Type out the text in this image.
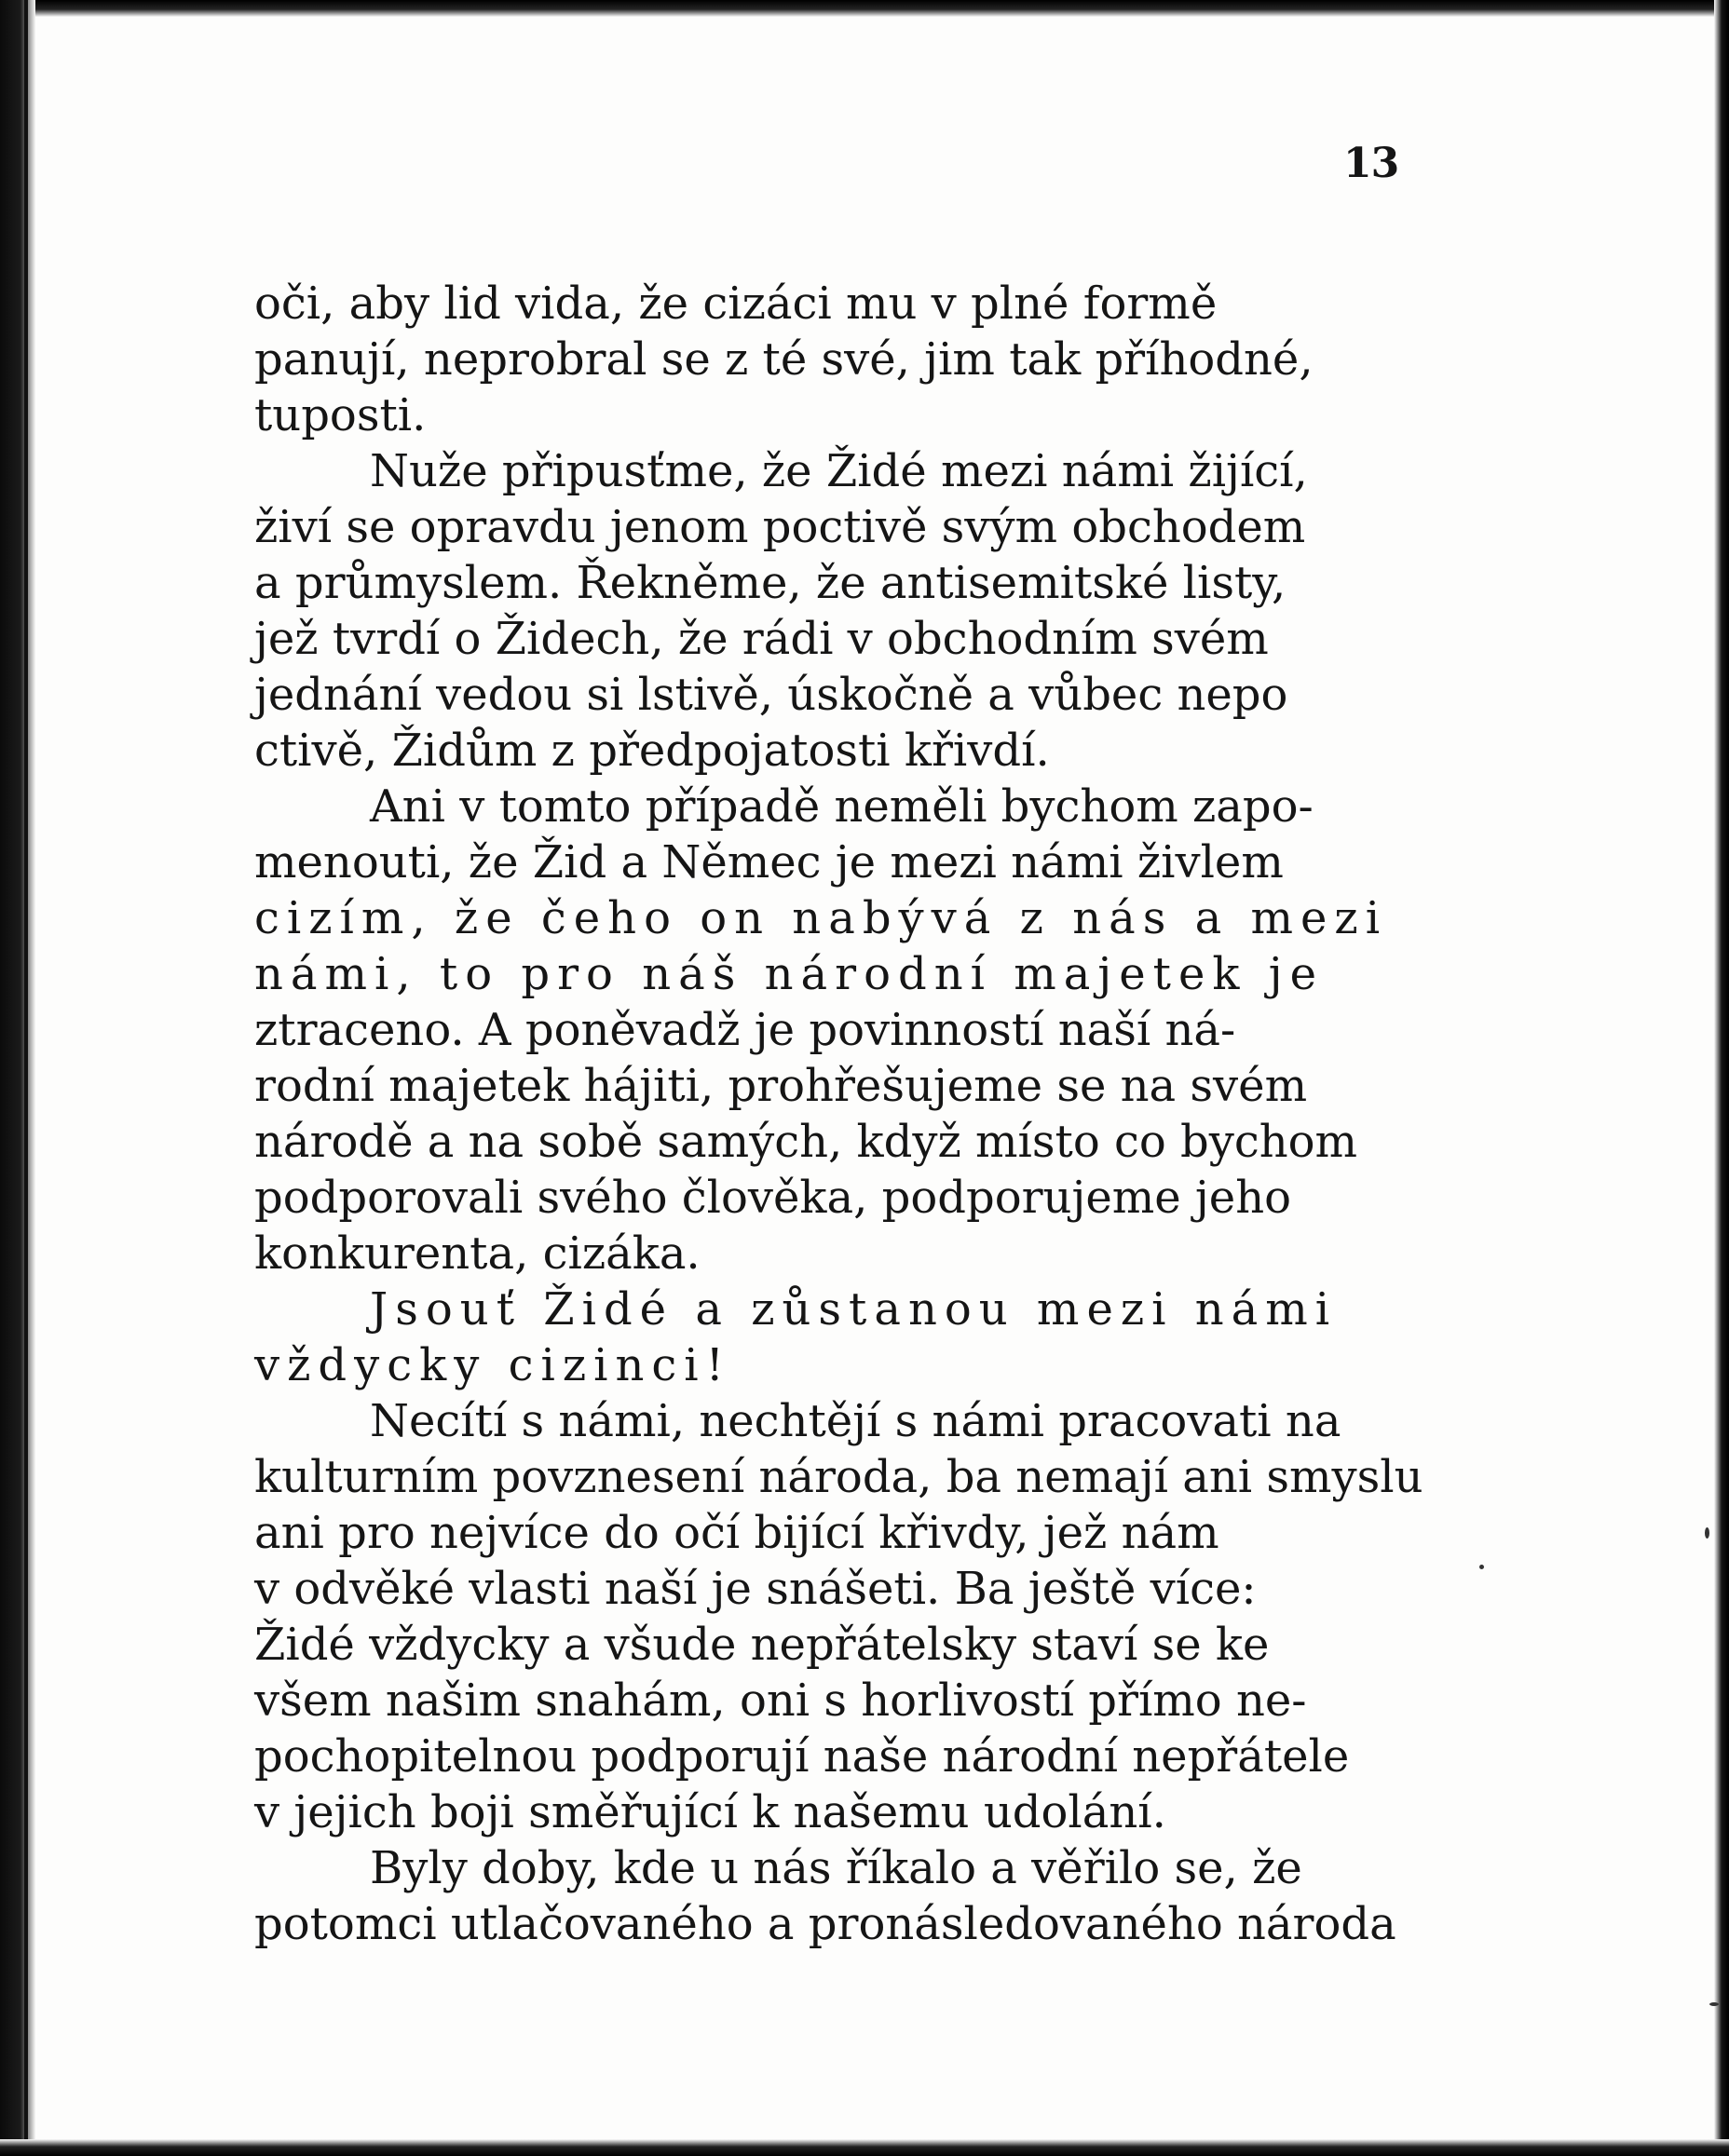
13
oči, aby lid vida, že cizáci mu v plné formě
panují, neprobral se z té své, jim tak příhodné,
tuposti.
Nuže připusťme, že Židé mezi námi žijící,
živí se opravdu jenom poctivě svým obchodem
a průmyslem. Řekněme, že antisemitské listy,
jež tvrdí o Židech, že rádi v obchodním svém
jednání vedou si lstivě, úskočně a vůbec nepo
ctivě, Židům z předpojatosti křivdí.
Ani v tomto případě neměli bychom zapo-
menouti, že Žid a Němec je mezi námi živlem
cizím, že čeho on nabývá z nás a mezi
námi, to pro náš národní majetek je
ztraceno. A poněvadž je povinností naší ná-
rodní majetek hájiti, prohřešujeme se na svém
národě a na sobě samých, když místo co bychom
podporovali svého člověka, podporujeme jeho
konkurenta, cizáka.
Jsouť Židé a zůstanou mezi námi
vždycky cizinci!
Necítí s námi, nechtějí s námi pracovati na
kulturním povznesení národa, ba nemají ani smyslu
ani pro nejvíce do očí bijící křivdy, jež nám
v odvěké vlasti naší je snášeti. Ba ještě více:
Židé vždycky a všude nepřátelsky staví se ke
všem našim snahám, oni s horlivostí přímo ne-
pochopitelnou podporují naše národní nepřátele
v jejich boji směřující k našemu udolání.
Byly doby, kde u nás říkalo a věřilo se, že
potomci utlačovaného a pronásledovaného národa
